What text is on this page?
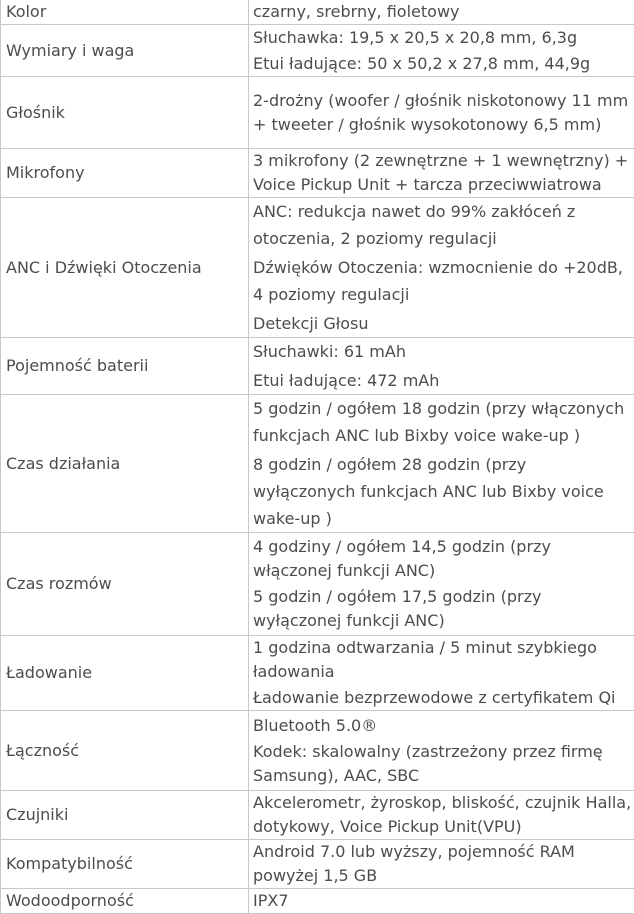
Kolor	czarny, srebrny, fioletowy

Wymiary i waga	Słuchawka: 19,5 x 20,5 x 20,8 mm, 6,3g
Etui ładujące: 50 x 50,2 x 27,8 mm, 44,9g

Głośnik	2-drożny (woofer / głośnik niskotonowy 11 mm + tweeter / głośnik wysokotonowy 6,5 mm)

Mikrofony	3 mikrofony (2 zewnętrzne + 1 wewnętrzny) + Voice Pickup Unit + tarcza przeciwwiatrowa

ANC i Dźwięki Otoczenia	ANC: redukcja nawet do 99% zakłóceń z otoczenia, 2 poziomy regulacji
Dźwięków Otoczenia: wzmocnienie do +20dB, 4 poziomy regulacji
Detekcji Głosu

Pojemność baterii	Słuchawki: 61 mAh
Etui ładujące: 472 mAh

Czas działania	5 godzin / ogółem 18 godzin (przy włączonych funkcjach ANC lub Bixby voice wake-up )
8 godzin / ogółem 28 godzin (przy wyłączonych funkcjach ANC lub Bixby voice wake-up )

Czas rozmów	4 godziny / ogółem 14,5 godzin (przy włączonej funkcji ANC)
5 godzin / ogółem 17,5 godzin (przy wyłączonej funkcji ANC)

Ładowanie	1 godzina odtwarzania / 5 minut szybkiego ładowania
Ładowanie bezprzewodowe z certyfikatem Qi

Łączność	Bluetooth 5.0®
Kodek: skalowalny (zastrzeżony przez firmę Samsung), AAC, SBC

Czujniki	Akcelerometr, żyroskop, bliskość, czujnik Halla, dotykowy, Voice Pickup Unit(VPU)

Kompatybilność	Android 7.0 lub wyższy, pojemność RAM powyżej 1,5 GB

Wodoodporność	IPX7
